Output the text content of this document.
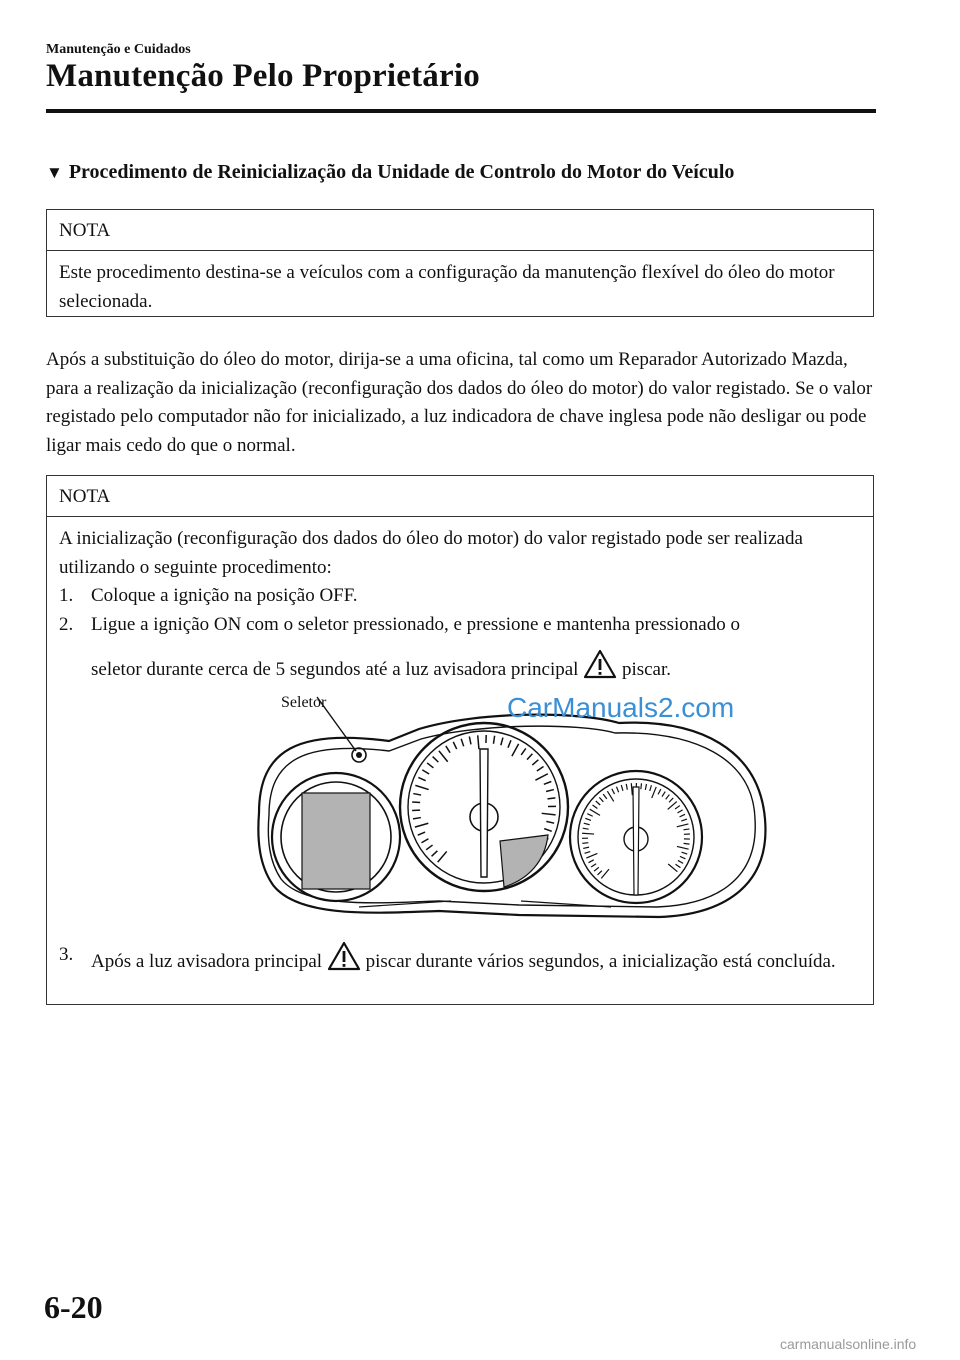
Manutenção e Cuidados
Manutenção Pelo Proprietário
▼ Procedimento de Reinicialização da Unidade de Controlo do Motor do Veículo
NOTA
Este procedimento destina-se a veículos com a configuração da manutenção flexível do óleo do motor selecionada.
Após a substituição do óleo do motor, dirija-se a uma oficina, tal como um Reparador Autorizado Mazda, para a realização da inicialização (reconfiguração dos dados do óleo do motor) do valor registado. Se o valor registado pelo computador não for inicializado, a luz indicadora de chave inglesa pode não desligar ou pode ligar mais cedo do que o normal.
NOTA
A inicialização (reconfiguração dos dados do óleo do motor) do valor registado pode ser realizada utilizando o seguinte procedimento:
1. Coloque a ignição na posição OFF.
2. Ligue a ignição ON com o seletor pressionado, e pressione e mantenha pressionado o
seletor durante cerca de 5 segundos até a luz avisadora principal piscar.
Seletor	CarManuals2.com
3. Após a luz avisadora principal piscar durante vários segundos, a inicialização está concluída.
6-20
carmanualsonline.info
